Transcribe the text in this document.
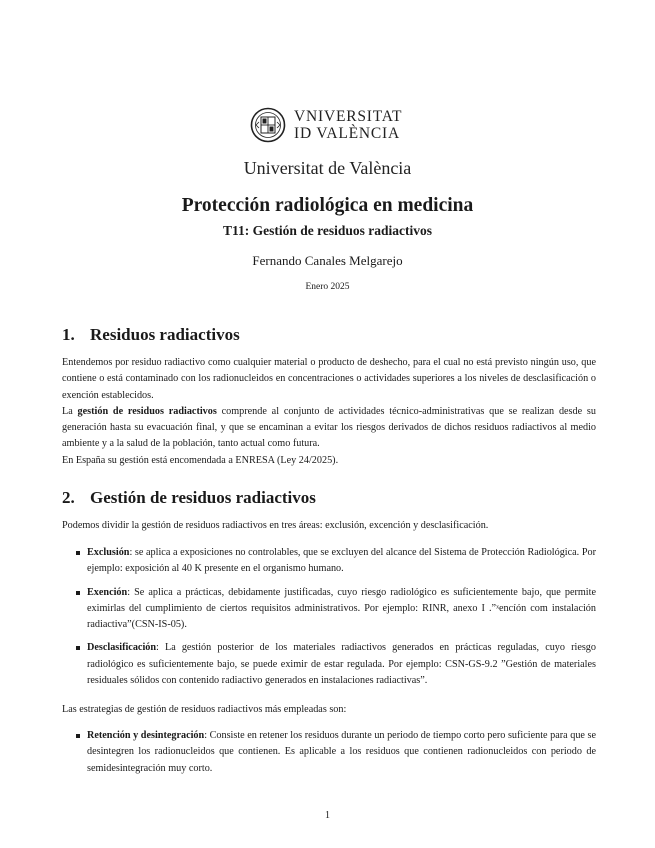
VNIVERSITAT
ID VALÈNCIA
Universitat de València
Protección radiológica en medicina
T11: Gestión de residuos radiactivos
Fernando Canales Melgarejo
Enero 2025
1. Residuos radiactivos
Entendemos por residuo radiactivo como cualquier material o producto de deshecho, para el cual no está previsto ningún uso, que contiene o está contaminado con los radionucleidos en concentraciones o actividades superiores a los niveles de desclasificación o exención establecidos.
La gestión de residuos radiactivos comprende al conjunto de actividades técnico-administrativas que se realizan desde su generación hasta su evacuación final, y que se encaminan a evitar los riesgos derivados de dichos residuos radiactivos al medio ambiente y a la salud de la población, tanto actual como futura.
En España su gestión está encomendada a ENRESA (Ley 24/2025).
2. Gestión de residuos radiactivos
Podemos dividir la gestión de residuos radiactivos en tres áreas: exclusión, excención y desclasificación.
Exclusión: se aplica a exposiciones no controlables, que se excluyen del alcance del Sistema de Protección Radiológica. Por ejemplo: exposición al 40 K presente en el organismo humano.
Exención: Se aplica a prácticas, debidamente justificadas, cuyo riesgo radiológico es suficientemente bajo, que permite eximirlas del cumplimiento de ciertos requisitos administrativos. Por ejemplo: RINR, anexo I .”ˣencíón com instalación radiactiva”(CSN-IS-05).
Desclasificación: La gestión posterior de los materiales radiactivos generados en prácticas reguladas, cuyo riesgo radiológico es suficientemente bajo, se puede eximir de estar regulada. Por ejemplo: CSN-GS-9.2 ”Gestión de materiales residuales sólidos con contenido radiactivo generados en instalaciones radiactivas”.
Las estrategias de gestión de residuos radiactivos más empleadas son:
Retención y desintegración: Consiste en retener los residuos durante un periodo de tiempo corto pero suficiente para que se desintegren los radionucleidos que contienen. Es aplicable a los residuos que contienen radionucleidos con periodo de semidesintegración muy corto.
1
